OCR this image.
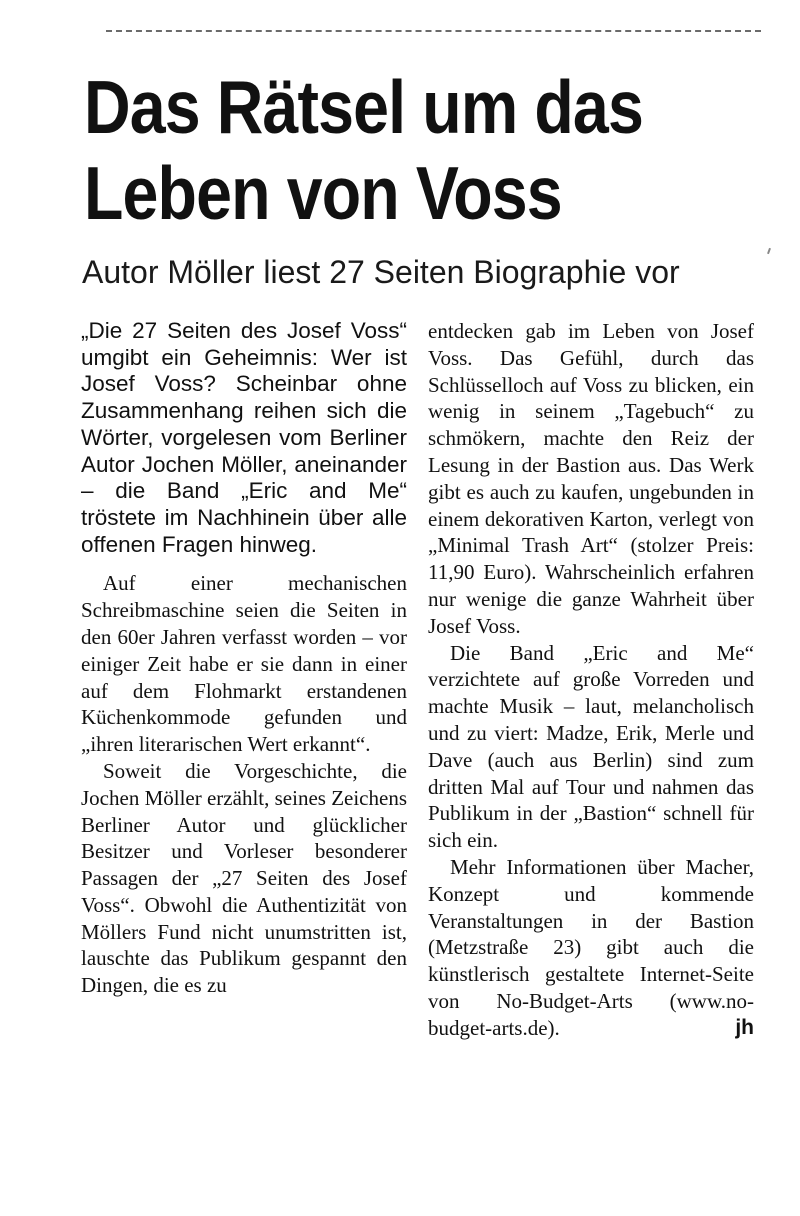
Das Rätsel um das Leben von Voss
Autor Möller liest 27 Seiten Biographie vor

„Die 27 Seiten des Josef Voss“ umgibt ein Geheimnis: Wer ist Josef Voss? Scheinbar ohne Zusammenhang reihen sich die Wörter, vorgelesen vom Berliner Autor Jochen Möller, aneinander – die Band „Eric and Me“ tröstete im Nachhinein über alle offenen Fragen hinweg.

Auf einer mechanischen Schreibmaschine seien die Seiten in den 60er Jahren verfasst worden – vor einiger Zeit habe er sie dann in einer auf dem Flohmarkt erstandenen Küchenkommode gefunden und „ihren literarischen Wert erkannt“.

Soweit die Vorgeschichte, die Jochen Möller erzählt, seines Zeichens Berliner Autor und glücklicher Besitzer und Vorleser besonderer Passagen der „27 Seiten des Josef Voss“. Obwohl die Authentizität von Möllers Fund nicht unumstritten ist, lauschte das Publikum gespannt den Dingen, die es zu

entdecken gab im Leben von Josef Voss. Das Gefühl, durch das Schlüsselloch auf Voss zu blicken, ein wenig in seinem „Tagebuch“ zu schmökern, machte den Reiz der Lesung in der Bastion aus. Das Werk gibt es auch zu kaufen, ungebunden in einem dekorativen Karton, verlegt von „Minimal Trash Art“ (stolzer Preis: 11,90 Euro). Wahrscheinlich erfahren nur wenige die ganze Wahrheit über Josef Voss.

Die Band „Eric and Me“ verzichtete auf große Vorreden und machte Musik – laut, melancholisch und zu viert: Madze, Erik, Merle und Dave (auch aus Berlin) sind zum dritten Mal auf Tour und nahmen das Publikum in der „Bastion“ schnell für sich ein.

Mehr Informationen über Macher, Konzept und kommende Veranstaltungen in der Bastion (Metzstraße 23) gibt auch die künstlerisch gestaltete Internet-Seite von No-Budget-Arts (www.no-budget-arts.de).	jh
